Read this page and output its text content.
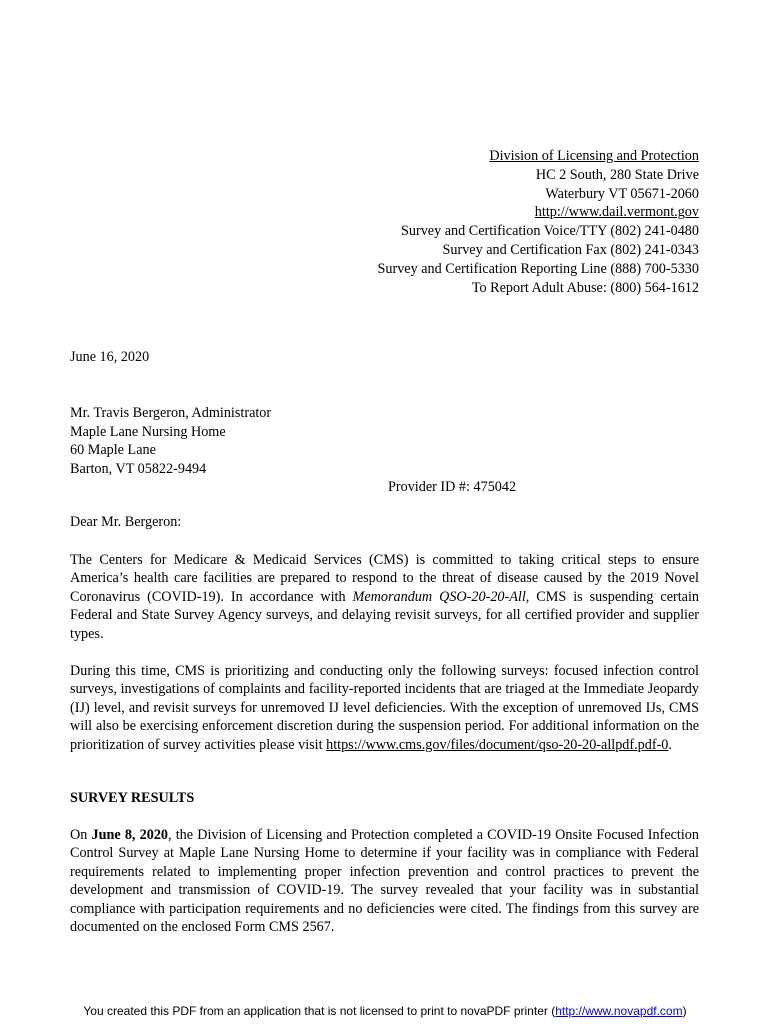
Division of Licensing and Protection
HC 2 South, 280 State Drive
Waterbury VT 05671-2060
http://www.dail.vermont.gov
Survey and Certification Voice/TTY (802) 241-0480
Survey and Certification Fax (802) 241-0343
Survey and Certification Reporting Line (888) 700-5330
To Report Adult Abuse: (800) 564-1612
June 16, 2020
Mr. Travis Bergeron, Administrator
Maple Lane Nursing Home
60 Maple Lane
Barton, VT 05822-9494
Provider ID #: 475042
Dear Mr. Bergeron:
The Centers for Medicare & Medicaid Services (CMS) is committed to taking critical steps to ensure America’s health care facilities are prepared to respond to the threat of disease caused by the 2019 Novel Coronavirus (COVID-19). In accordance with Memorandum QSO-20-20-All, CMS is suspending certain Federal and State Survey Agency surveys, and delaying revisit surveys, for all certified provider and supplier types.
During this time, CMS is prioritizing and conducting only the following surveys: focused infection control surveys, investigations of complaints and facility-reported incidents that are triaged at the Immediate Jeopardy (IJ) level, and revisit surveys for unremoved IJ level deficiencies. With the exception of unremoved IJs, CMS will also be exercising enforcement discretion during the suspension period. For additional information on the prioritization of survey activities please visit https://www.cms.gov/files/document/qso-20-20-allpdf.pdf-0.
SURVEY RESULTS
On June 8, 2020, the Division of Licensing and Protection completed a COVID-19 Onsite Focused Infection Control Survey at Maple Lane Nursing Home to determine if your facility was in compliance with Federal requirements related to implementing proper infection prevention and control practices to prevent the development and transmission of COVID-19. The survey revealed that your facility was in substantial compliance with participation requirements and no deficiencies were cited. The findings from this survey are documented on the enclosed Form CMS 2567.
You created this PDF from an application that is not licensed to print to novaPDF printer (http://www.novapdf.com)
